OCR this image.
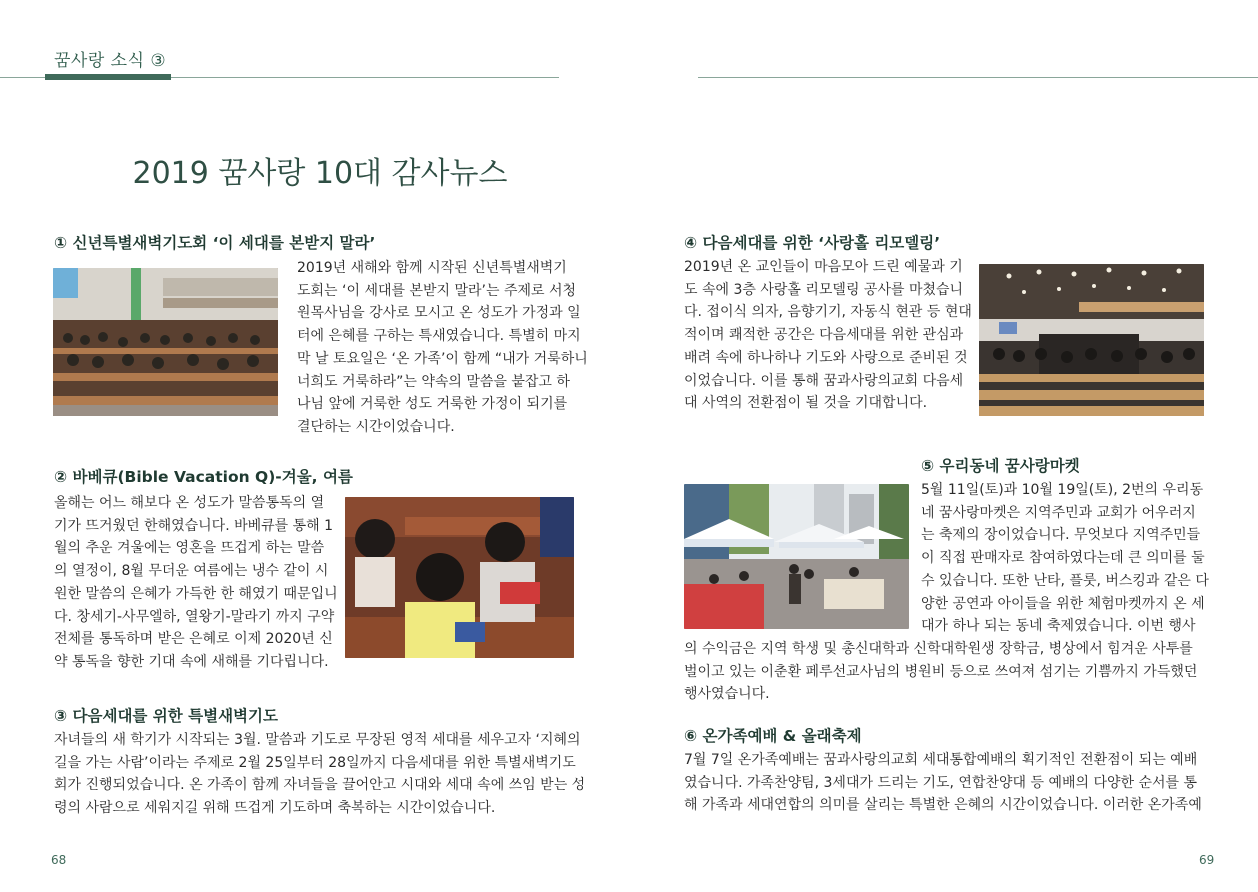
꿈사랑 소식 ③
2019 꿈사랑 10대 감사뉴스
① 신년특별새벽기도회 ‘이 세대를 본받지 말라’
2019년 새해와 함께 시작된 신년특별새벽기
도회는 ‘이 세대를 본받지 말라’는 주제로 서청
원목사님을 강사로 모시고 온 성도가 가정과 일
터에 은혜를 구하는 특새였습니다. 특별히 마지
막 날 토요일은 ‘온 가족’이 함께 “내가 거룩하니
너희도 거룩하라”는 약속의 말씀을 붙잡고 하
나님 앞에 거룩한 성도 거룩한 가정이 되기를
결단하는 시간이었습니다.
② 바베큐(Bible Vacation Q)-겨울, 여름
올해는 어느 해보다 온 성도가 말씀통독의 열
기가 뜨거웠던 한해였습니다. 바베큐를 통해 1
월의 추운 겨울에는 영혼을 뜨겁게 하는 말씀
의 열정이, 8월 무더운 여름에는 냉수 같이 시
원한 말씀의 은혜가 가득한 한 해였기 때문입니
다. 창세기-사무엘하, 열왕기-말라기 까지 구약
전체를 통독하며 받은 은혜로 이제 2020년 신
약 통독을 향한 기대 속에 새해를 기다립니다.
③ 다음세대를 위한 특별새벽기도
자녀들의 새 학기가 시작되는 3월. 말씀과 기도로 무장된 영적 세대를 세우고자 ‘지혜의
길을 가는 사람’이라는 주제로 2월 25일부터 28일까지 다음세대를 위한 특별새벽기도
회가 진행되었습니다. 온 가족이 함께 자녀들을 끌어안고 시대와 세대 속에 쓰임 받는 성
령의 사람으로 세워지길 위해 뜨겁게 기도하며 축복하는 시간이었습니다.
68
④ 다음세대를 위한 ‘사랑홀 리모델링’
2019년 온 교인들이 마음모아 드린 예물과 기
도 속에 3층 사랑홀 리모델링 공사를 마쳤습니
다. 접이식 의자, 음향기기, 자동식 현관 등 현대
적이며 쾌적한 공간은 다음세대를 위한 관심과
배려 속에 하나하나 기도와 사랑으로 준비된 것
이었습니다. 이를 통해 꿈과사랑의교회 다음세
대 사역의 전환점이 될 것을 기대합니다.
⑤ 우리동네 꿈사랑마켓
5월 11일(토)과 10월 19일(토), 2번의 우리동
네 꿈사랑마켓은 지역주민과 교회가 어우러지
는 축제의 장이었습니다. 무엇보다 지역주민들
이 직접 판매자로 참여하였다는데 큰 의미를 둘
수 있습니다. 또한 난타, 플룻, 버스킹과 같은 다
양한 공연과 아이들을 위한 체험마켓까지 온 세
대가 하나 되는 동네 축제였습니다. 이번 행사
의 수익금은 지역 학생 및 총신대학과 신학대학원생 장학금, 병상에서 힘겨운 사투를
벌이고 있는 이춘환 페루선교사님의 병원비 등으로 쓰여져 섬기는 기쁨까지 가득했던
행사였습니다.
⑥ 온가족예배 & 올래축제
7월 7일 온가족예배는 꿈과사랑의교회 세대통합예배의 획기적인 전환점이 되는 예배
였습니다. 가족찬양팀, 3세대가 드리는 기도, 연합찬양대 등 예배의 다양한 순서를 통
해 가족과 세대연합의 의미를 살리는 특별한 은혜의 시간이었습니다. 이러한 온가족예
69
